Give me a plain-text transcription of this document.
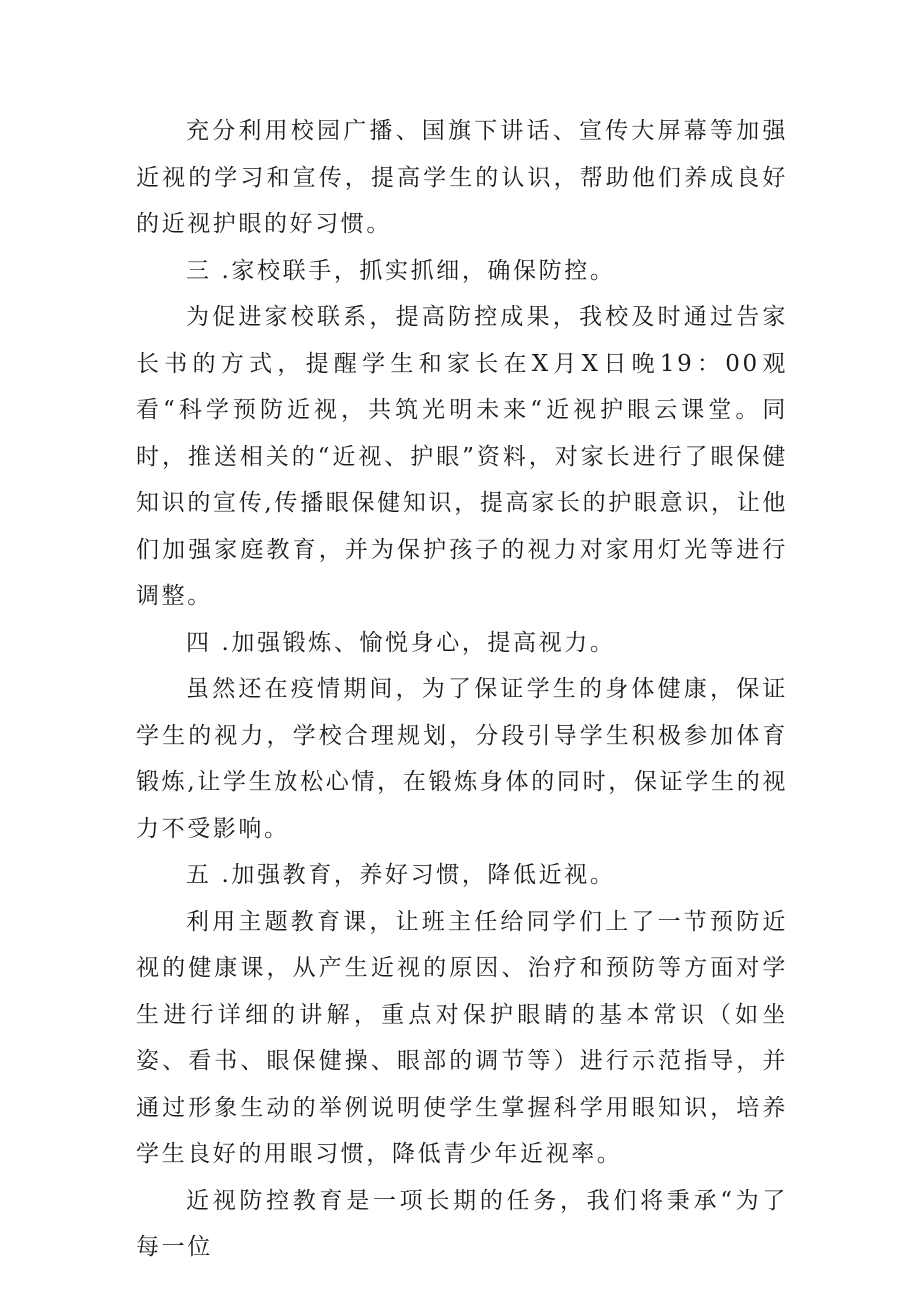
充分利用校园广播、国旗下讲话、宣传大屏幕等加强近视的学习和宣传，提高学生的认识，帮助他们养成良好的近视护眼的好习惯。

三 .家校联手，抓实抓细，确保防控。

为促进家校联系，提高防控成果，我校及时通过告家长书的方式，提醒学生和家长在X月X日晚19：00观看“科学预防近视，共筑光明未来“近视护眼云课堂。同时，推送相关的“近视、护眼”资料，对家长进行了眼保健知识的宣传,传播眼保健知识，提高家长的护眼意识，让他们加强家庭教育，并为保护孩子的视力对家用灯光等进行调整。

四 .加强锻炼、愉悦身心，提高视力。

虽然还在疫情期间，为了保证学生的身体健康，保证学生的视力，学校合理规划，分段引导学生积极参加体育锻炼,让学生放松心情，在锻炼身体的同时，保证学生的视力不受影响。

五 .加强教育，养好习惯，降低近视。

利用主题教育课，让班主任给同学们上了一节预防近视的健康课，从产生近视的原因、治疗和预防等方面对学生进行详细的讲解，重点对保护眼睛的基本常识（如坐姿、看书、眼保健操、眼部的调节等）进行示范指导，并通过形象生动的举例说明使学生掌握科学用眼知识，培养学生良好的用眼习惯，降低青少年近视率。

近视防控教育是一项长期的任务，我们将秉承“为了每一位
